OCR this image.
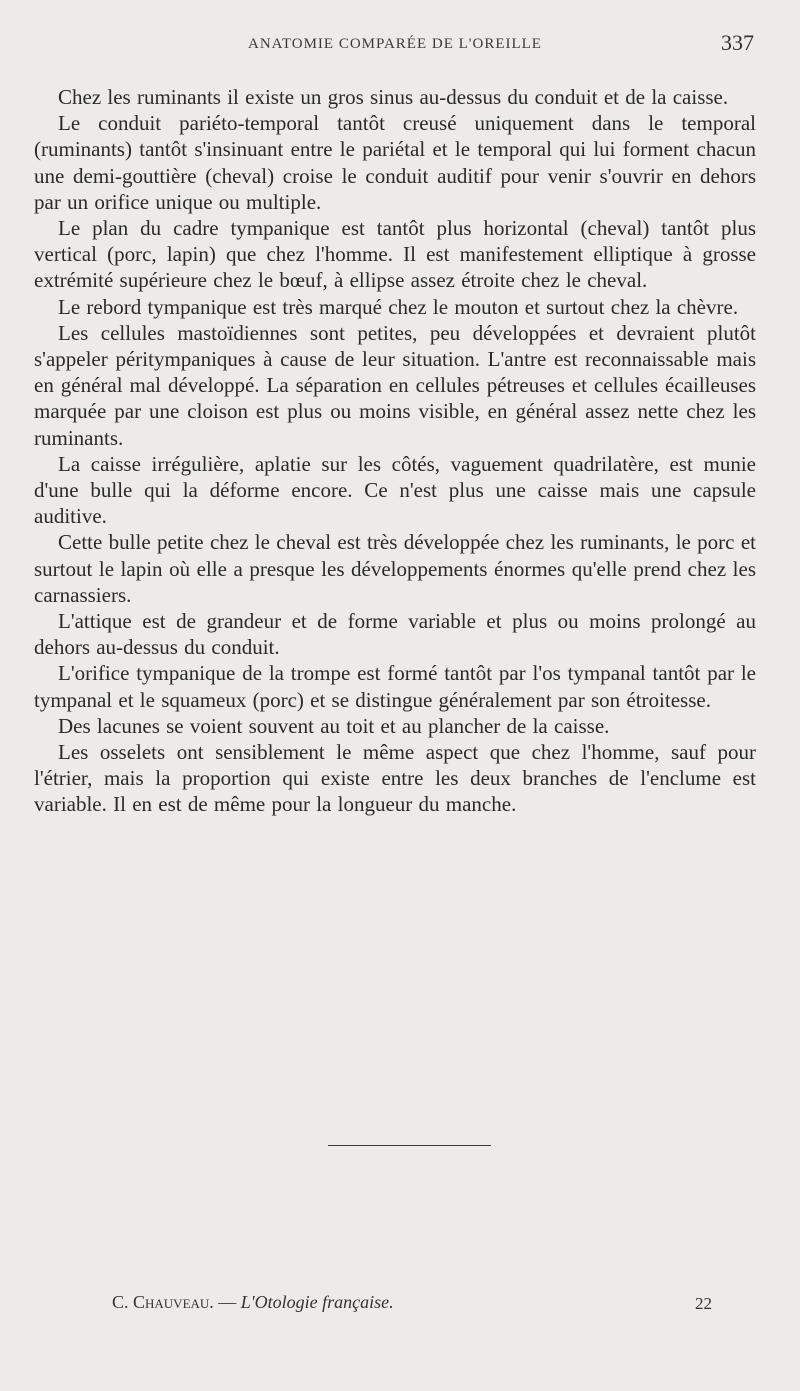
ANATOMIE COMPARÉE DE L'OREILLE	337

Chez les ruminants il existe un gros sinus au-dessus du conduit et de la caisse.

Le conduit pariéto-temporal tantôt creusé uniquement dans le temporal (ruminants) tantôt s'insinuant entre le pariétal et le temporal qui lui forment chacun une demi-gouttière (cheval) croise le conduit auditif pour venir s'ouvrir en dehors par un orifice unique ou multiple.

Le plan du cadre tympanique est tantôt plus horizontal (cheval) tantôt plus vertical (porc, lapin) que chez l'homme. Il est manifestement elliptique à grosse extrémité supérieure chez le bœuf, à ellipse assez étroite chez le cheval.

Le rebord tympanique est très marqué chez le mouton et surtout chez la chèvre.

Les cellules mastoïdiennes sont petites, peu développées et devraient plutôt s'appeler péritympaniques à cause de leur situation. L'antre est reconnaissable mais en général mal développé. La séparation en cellules pétreuses et cellules écailleuses marquée par une cloison est plus ou moins visible, en général assez nette chez les ruminants.

La caisse irrégulière, aplatie sur les côtés, vaguement quadrilatère, est munie d'une bulle qui la déforme encore. Ce n'est plus une caisse mais une capsule auditive.

Cette bulle petite chez le cheval est très développée chez les ruminants, le porc et surtout le lapin où elle a presque les développements énormes qu'elle prend chez les carnassiers.

L'attique est de grandeur et de forme variable et plus ou moins prolongé au dehors au-dessus du conduit.

L'orifice tympanique de la trompe est formé tantôt par l'os tympanal tantôt par le tympanal et le squameux (porc) et se distingue généralement par son étroitesse.

Des lacunes se voient souvent au toit et au plancher de la caisse.

Les osselets ont sensiblement le même aspect que chez l'homme, sauf pour l'étrier, mais la proportion qui existe entre les deux branches de l'enclume est variable. Il en est de même pour la longueur du manche.

C. Chauveau. — L'Otologie française.	22
